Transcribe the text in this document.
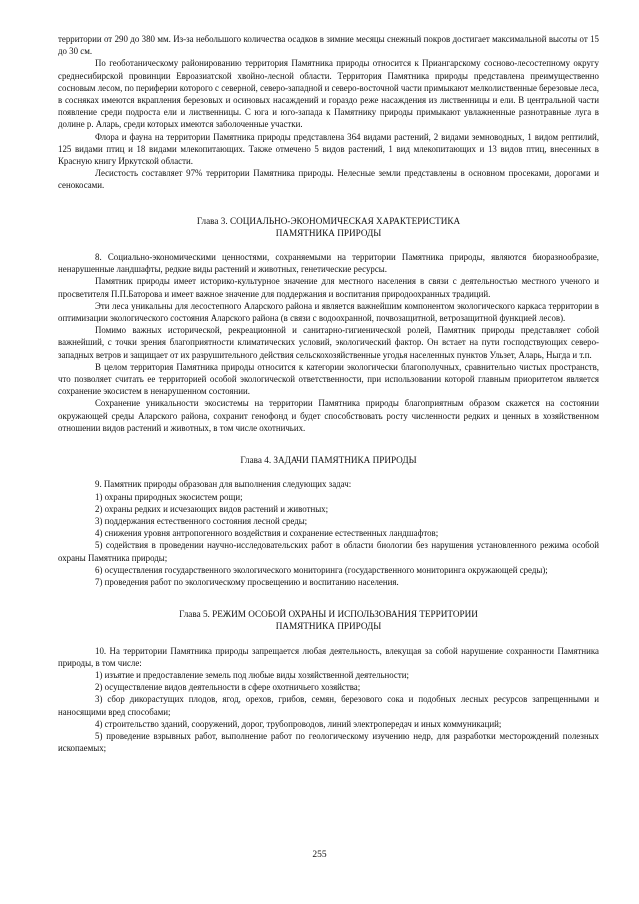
территории от 290 до 380 мм. Из-за небольшого количества осадков в зимние месяцы снежный покров достигает максимальной высоты от 15 до 30 см.

По геоботаническому районированию территория Памятника природы относится к Приангарскому сосново-лесостепному округу среднесибирской провинции Евроазиатской хвойно-лесной области. Территория Памятника природы представлена преимущественно сосновым лесом, по периферии которого с северной, северо-западной и северо-восточной части примыкают мелколиственные березовые леса, в сосняках имеются вкрапления березовых и осиновых насаждений и гораздо реже насаждения из лиственницы и ели. В центральной части появление среди подроста ели и лиственницы. С юга и юго-запада к Памятнику природы примыкают увлажненные разнотравные луга в долине р. Аларь, среди которых имеются заболоченные участки.

Флора и фауна на территории Памятника природы представлена 364 видами растений, 2 видами земноводных, 1 видом рептилий, 125 видами птиц и 18 видами млекопитающих. Также отмечено 5 видов растений, 1 вид млекопитающих и 13 видов птиц, внесенных в Красную книгу Иркутской области.

Лесистость составляет 97% территории Памятника природы. Нелесные земли представлены в основном просеками, дорогами и сенокосами.

Глава 3. СОЦИАЛЬНО-ЭКОНОМИЧЕСКАЯ ХАРАКТЕРИСТИКА
ПАМЯТНИКА ПРИРОДЫ

8. Социально-экономическими ценностями, сохраняемыми на территории Памятника природы, являются биоразнообразие, ненарушенные ландшафты, редкие виды растений и животных, генетические ресурсы.

Памятник природы имеет историко-культурное значение для местного населения в связи с деятельностью местного ученого и просветителя П.П.Баторова и имеет важное значение для поддержания и воспитания природоохранных традиций.

Эти леса уникальны для лесостепного Аларского района и является важнейшим компонентом экологического каркаса территории в оптимизации экологического состояния Аларского района (в связи с водоохранной, почвозащитной, ветрозащитной функцией лесов).

Помимо важных исторической, рекреационной и санитарно-гигиенической ролей, Памятник природы представляет собой важнейший, с точки зрения благоприятности климатических условий, экологический фактор. Он встает на пути господствующих северо-западных ветров и защищает от их разрушительного действия сельскохозяйственные угодья населенных пунктов Ульзет, Аларь, Ныгда и т.п.

В целом территория Памятника природы относится к категории экологически благополучных, сравнительно чистых пространств, что позволяет считать ее территорией особой экологической ответственности, при использовании которой главным приоритетом является сохранение экосистем в ненарушенном состоянии.

Сохранение уникальности экосистемы на территории Памятника природы благоприятным образом скажется на состоянии окружающей среды Аларского района, сохранит генофонд и будет способствовать росту численности редких и ценных в хозяйственном отношении видов растений и животных, в том числе охотничьих.

Глава 4. ЗАДАЧИ ПАМЯТНИКА ПРИРОДЫ

9. Памятник природы образован для выполнения следующих задач:

1) охраны природных экосистем рощи;

2) охраны редких и исчезающих видов растений и животных;

3) поддержания естественного состояния лесной среды;

4) снижения уровня антропогенного воздействия и сохранение естественных ландшафтов;

5) содействия в проведении научно-исследовательских работ в области биологии без нарушения установленного режима особой охраны Памятника природы;

6) осуществления государственного экологического мониторинга (государственного мониторинга окружающей среды);

7) проведения работ по экологическому просвещению и воспитанию населения.

Глава 5. РЕЖИМ ОСОБОЙ ОХРАНЫ И ИСПОЛЬЗОВАНИЯ ТЕРРИТОРИИ
ПАМЯТНИКА ПРИРОДЫ

10. На территории Памятника природы запрещается любая деятельность, влекущая за собой нарушение сохранности Памятника природы, в том числе:

1) изъятие и предоставление земель под любые виды хозяйственной деятельности;

2) осуществление видов деятельности в сфере охотничьего хозяйства;

3) сбор дикорастущих плодов, ягод, орехов, грибов, семян, березового сока и подобных лесных ресурсов запрещенными и наносящими вред способами;

4) строительство зданий, сооружений, дорог, трубопроводов, линий электропередач и иных коммуникаций;

5) проведение взрывных работ, выполнение работ по геологическому изучению недр, для разработки месторождений полезных ископаемых;

255
